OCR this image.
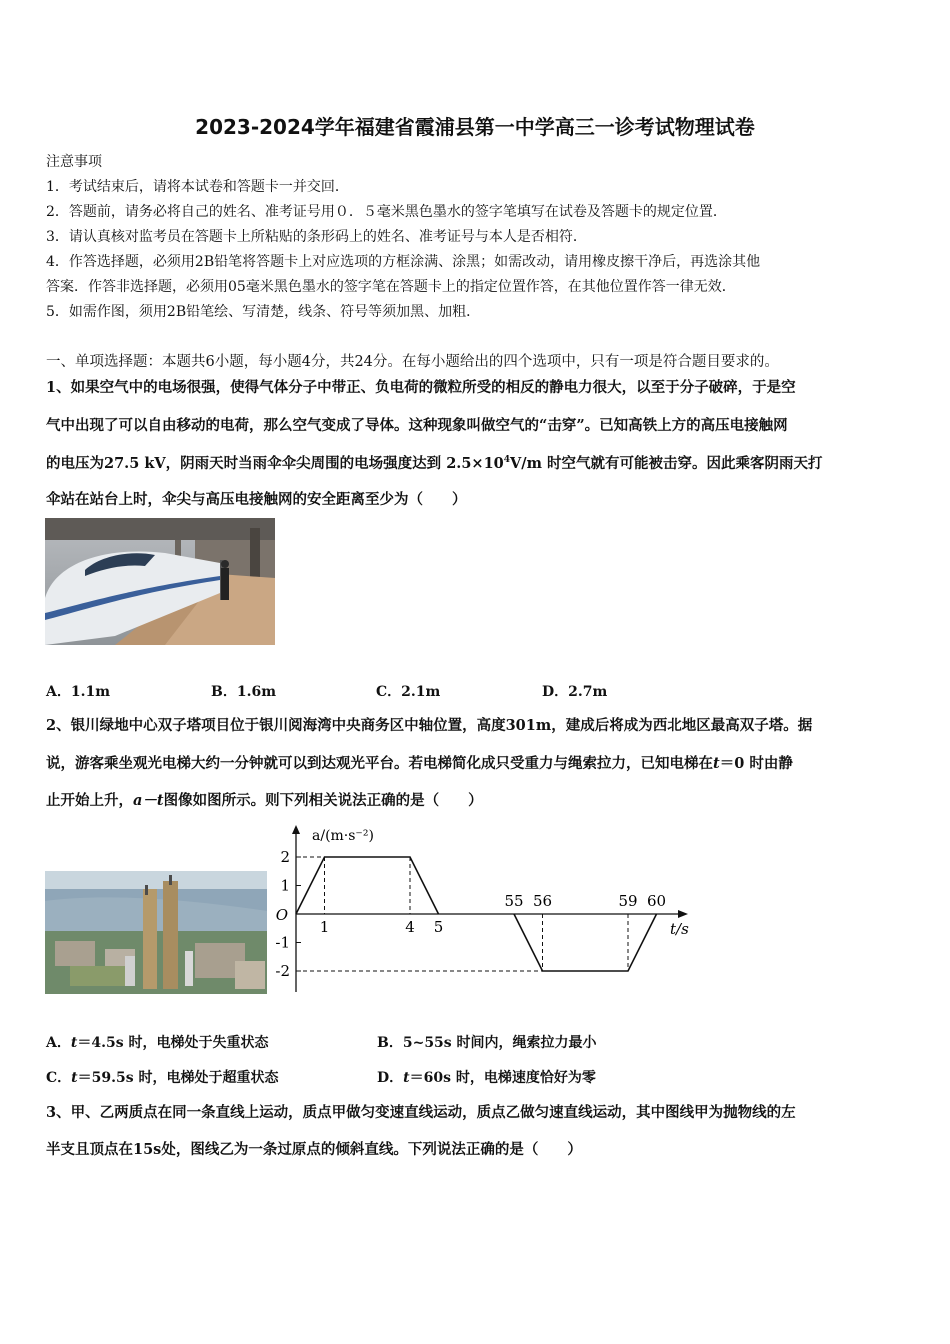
2023-2024学年福建省霞浦县第一中学高三一诊考试物理试卷
注意事项
1．考试结束后，请将本试卷和答题卡一并交回．
2．答题前，请务必将自己的姓名、准考证号用０．５毫米黑色墨水的签字笔填写在试卷及答题卡的规定位置．
3．请认真核对监考员在答题卡上所粘贴的条形码上的姓名、准考证号与本人是否相符．
4．作答选择题，必须用2B铅笔将答题卡上对应选项的方框涂满、涂黑；如需改动，请用橡皮擦干净后，再选涂其他
答案．作答非选择题，必须用05毫米黑色墨水的签字笔在答题卡上的指定位置作答，在其他位置作答一律无效．
5．如需作图，须用2B铅笔绘、写清楚，线条、符号等须加黑、加粗．
一、单项选择题：本题共6小题，每小题4分，共24分。在每小题给出的四个选项中，只有一项是符合题目要求的。
1、如果空气中的电场很强，使得气体分子中带正、负电荷的微粒所受的相反的静电力很大，以至于分子破碎，于是空
气中出现了可以自由移动的电荷，那么空气变成了导体。这种现象叫做空气的“击穿”。已知高铁上方的高压电接触网
的电压为27.5 kV，阴雨天时当雨伞伞尖周围的电场强度达到 $2.5\times 10^4V/m$ 时空气就有可能被击穿。因此乘客阴雨天打
伞站在站台上时，伞尖与高压电接触网的安全距离至少为（　　）
A．1.1m	B．1.6m	C．2.1m	D．2.7m
2、银川绿地中心双子塔项目位于银川阅海湾中央商务区中轴位置，高度301m，建成后将成为西北地区最高双子塔。据
说，游客乘坐观光电梯大约一分钟就可以到达观光平台。若电梯简化成只受重力与绳索拉力，已知电梯在t＝0 时由静
止开始上升，a－t图像如图所示。则下列相关说法正确的是（　　）
2
1
-1
-2
O
a/(m·s⁻²)
t/s
1	4 5
55 56	59 60
A．t＝4.5s 时，电梯处于失重状态	B．5~55s 时间内，绳索拉力最小
C．t＝59.5s 时，电梯处于超重状态	D．t＝60s 时，电梯速度恰好为零
3、甲、乙两质点在同一条直线上运动，质点甲做匀变速直线运动，质点乙做匀速直线运动，其中图线甲为抛物线的左
半支且顶点在15s处，图线乙为一条过原点的倾斜直线。下列说法正确的是（　　）
